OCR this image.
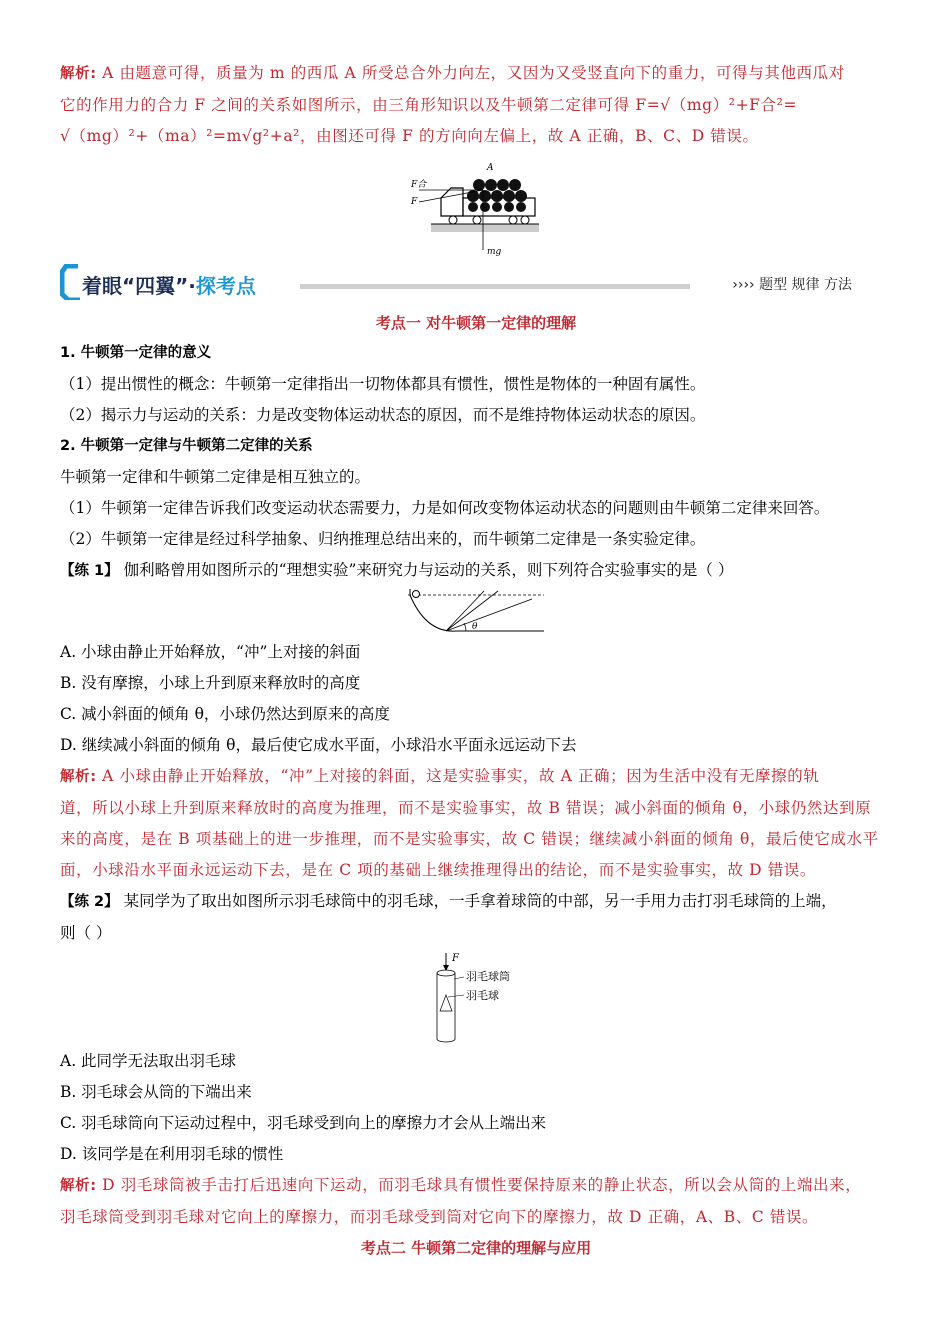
解析: A 由题意可得，质量为 m 的西瓜 A 所受总合外力向左，又因为又受竖直向下的重力，可得与其他西瓜对

它的作用力的合力 F 之间的关系如图所示，由三角形知识以及牛顿第二定律可得 F=√（mg）²+F合²=

√（mg）²+（ma）²=m√g²+a²，由图还可得 F 的方向向左偏上，故 A 正确，B、C、D 错误。

F合
F
A
mg
着眼“四翼”·探考点	›››› 题型 规律 方法

考点一 对牛顿第一定律的理解

1. 牛顿第一定律的意义

（1）提出惯性的概念：牛顿第一定律指出一切物体都具有惯性，惯性是物体的一种固有属性。

（2）揭示力与运动的关系：力是改变物体运动状态的原因，而不是维持物体运动状态的原因。

2. 牛顿第一定律与牛顿第二定律的关系

牛顿第一定律和牛顿第二定律是相互独立的。

（1）牛顿第一定律告诉我们改变运动状态需要力，力是如何改变物体运动状态的问题则由牛顿第二定律来回答。

（2）牛顿第一定律是经过科学抽象、归纳推理总结出来的，而牛顿第二定律是一条实验定律。

【练 1】 伽利略曾用如图所示的“理想实验”来研究力与运动的关系，则下列符合实验事实的是（ ）

θ

A. 小球由静止开始释放，“冲”上对接的斜面

B. 没有摩擦，小球上升到原来释放时的高度

C. 减小斜面的倾角 θ，小球仍然达到原来的高度

D. 继续减小斜面的倾角 θ，最后使它成水平面，小球沿水平面永远运动下去

解析: A 小球由静止开始释放，“冲”上对接的斜面，这是实验事实，故 A 正确；因为生活中没有无摩擦的轨

道，所以小球上升到原来释放时的高度为推理，而不是实验事实，故 B 错误；减小斜面的倾角 θ，小球仍然达到原

来的高度，是在 B 项基础上的进一步推理，而不是实验事实，故 C 错误；继续减小斜面的倾角 θ，最后使它成水平

面，小球沿水平面永远运动下去，是在 C 项的基础上继续推理得出的结论，而不是实验事实，故 D 错误。

【练 2】 某同学为了取出如图所示羽毛球筒中的羽毛球，一手拿着球筒的中部，另一手用力击打羽毛球筒的上端，

则（ ）

F
羽毛球筒
羽毛球

A. 此同学无法取出羽毛球

B. 羽毛球会从筒的下端出来

C. 羽毛球筒向下运动过程中，羽毛球受到向上的摩擦力才会从上端出来

D. 该同学是在利用羽毛球的惯性

解析: D 羽毛球筒被手击打后迅速向下运动，而羽毛球具有惯性要保持原来的静止状态，所以会从筒的上端出来，

羽毛球筒受到羽毛球对它向上的摩擦力，而羽毛球受到筒对它向下的摩擦力，故 D 正确，A、B、C 错误。

考点二 牛顿第二定律的理解与应用
